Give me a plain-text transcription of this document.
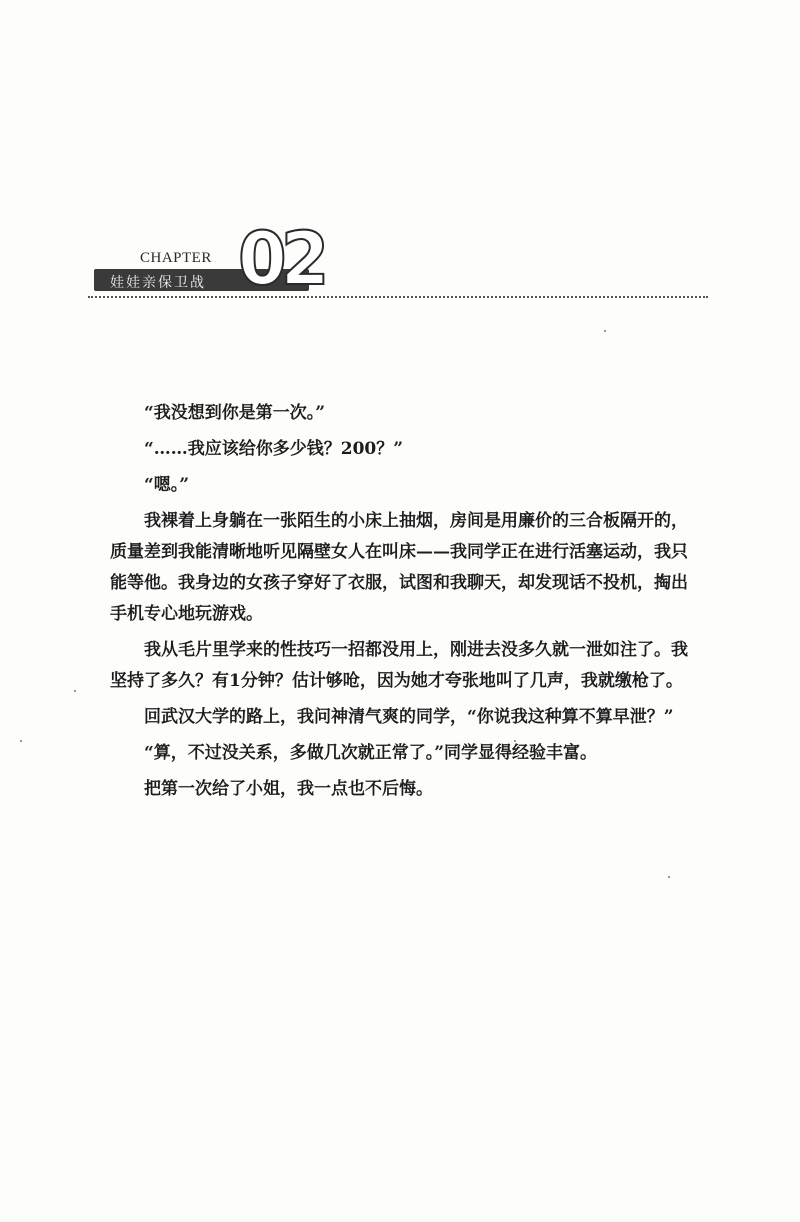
CHAPTER 02
娃娃亲保卫战

“我没想到你是第一次。”

“……我应该给你多少钱？200？”

“嗯。”

我裸着上身躺在一张陌生的小床上抽烟，房间是用廉价的三合板隔开的，质量差到我能清晰地听见隔壁女人在叫床——我同学正在进行活塞运动，我只能等他。我身边的女孩子穿好了衣服，试图和我聊天，却发现话不投机，掏出手机专心地玩游戏。

我从毛片里学来的性技巧一招都没用上，刚进去没多久就一泄如注了。我坚持了多久？有1分钟？估计够呛，因为她才夸张地叫了几声，我就缴枪了。

回武汉大学的路上，我问神清气爽的同学，“你说我这种算不算早泄？”

“算，不过没关系，多做几次就正常了。”同学显得经验丰富。

把第一次给了小姐，我一点也不后悔。
